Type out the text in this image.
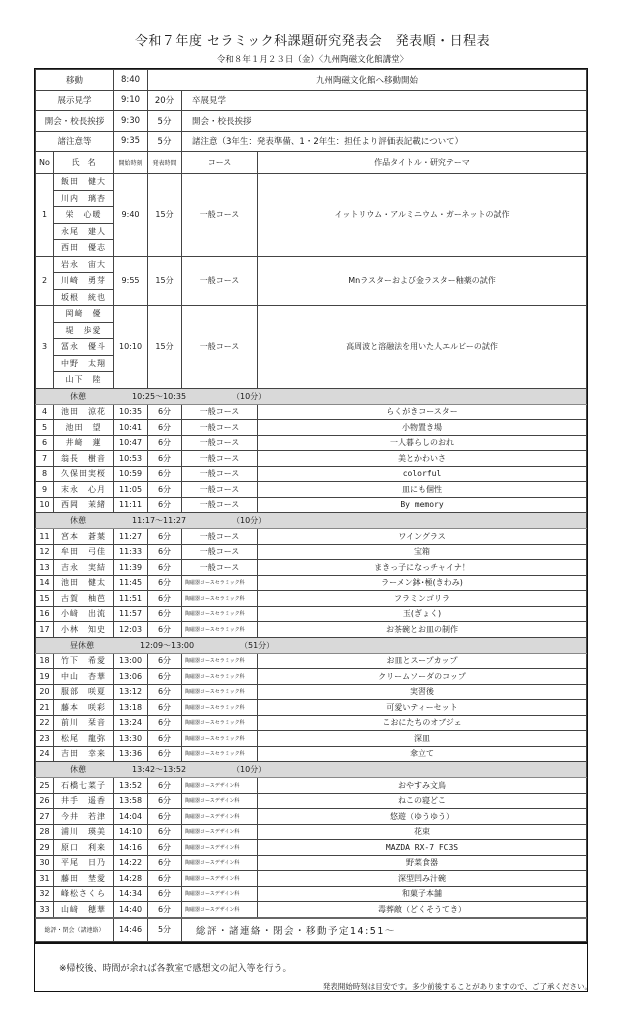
令和７年度 セラミック科課題研究発表会　発表順・日程表
令和８年１月２３日（金）〈九州陶磁文化館講堂〉
移動		8:40	九州陶磁文化館へ移動開始		
展示見学		9:10	20分	卒展見学	
開会・校長挨拶		9:30	5分	開会・校長挨拶	
諸注意等		9:35	5分	諸注意（3年生：発表準備、1・2年生：担任より評価表記載について）	
No	氏　名	開始時刻	発表時間	コース	作品タイトル・研究テーマ
1	飯田　健大	9:40	15分	一般コース	イットリウム・アルミニウム・ガーネットの試作
	川内　璃杏				
	栄　心暖				
	永尾　建人				
	西田　優志				
2	岩永　宙大	9:55	15分	一般コース	Mnラスターおよび金ラスター釉薬の試作
	川崎　勇芽				
	坂根　統也				
3	岡﨑　優	10:10	15分	一般コース	高周波と溶融法を用いた人エルビーの試作
	堤　歩愛				
	冨永　優斗				
	中野　太翔				
	山下　陸				
休憩 10:25〜10:35 （10分）					
4	池田　涼花	10:35	6分	一般コース	らくがきコースター
5	池田　望	10:41	6分	一般コース	小物置き場
6	井﨑　蓮	10:47	6分	一般コース	一人暮らしのおれ
7	翁長　樹音	10:53	6分	一般コース	美とかわいさ
8	久保田実桜	10:59	6分	一般コース	colorful
9	末永　心月	11:05	6分	一般コース	皿にも個性
10	西岡　茉緒	11:11	6分	一般コース	By memory
休憩 11:17〜11:27 （10分）					
11	宮本　蒼葉	11:27	6分	一般コース	ワイングラス
12	牟田　弓佳	11:33	6分	一般コース	宝箱
13	吉永　実結	11:39	6分	一般コース	まきっ子になっチャイナ！
14	池田　健太	11:45	6分	陶磁器コースセラミック科	ラーメン鉢･極(きわみ)
15	古賀　柚芭	11:51	6分	陶磁器コースセラミック科	フラミンゴリラ
16	小﨑　出流	11:57	6分	陶磁器コースセラミック科	玉(ぎょく)
17	小林　知史	12:03	6分	陶磁器コースセラミック科	お茶碗とお皿の制作
昼休憩 12:09〜13:00 （51分）					
18	竹下　希愛	13:00	6分	陶磁器コースセラミック科	お皿とスープカップ
19	中山　杏華	13:06	6分	陶磁器コースセラミック科	クリームソーダのコップ
20	服部　咲夏	13:12	6分	陶磁器コースセラミック科	実習後
21	藤本　咲彩	13:18	6分	陶磁器コースセラミック科	可愛いティーセット
22	前川　栞音	13:24	6分	陶磁器コースセラミック科	こおにたちのオブジェ
23	松尾　龍弥	13:30	6分	陶磁器コースセラミック科	深皿
24	吉田　幸来	13:36	6分	陶磁器コースセラミック科	傘立て
休憩 13:42〜13:52 （10分）					
25	石橋七菜子	13:52	6分	陶磁器コースデザイン科	おやすみ文鳥
26	井手　遥香	13:58	6分	陶磁器コースデザイン科	ねこの寝どこ
27	今井　若津	14:04	6分	陶磁器コースデザイン科	悠遊（ゆうゆう）
28	浦川　瑛美	14:10	6分	陶磁器コースデザイン科	花束
29	原口　利来	14:16	6分	陶磁器コースデザイン科	MAZDA RX-7 FC3S
30	平尾　日乃	14:22	6分	陶磁器コースデザイン科	野菜食器
31	藤田　埜愛	14:28	6分	陶磁器コースデザイン科	深型凹み汁碗
32	峰松さくら	14:34	6分	陶磁器コースデザイン科	和菓子本舗
33	山﨑　穂華	14:40	6分	陶磁器コースデザイン科	毒葬敵（どくそうてき）
総評・閉会（諸連絡）		14:46	5分	総評・諸連絡・閉会・移動予定14:51〜	
※帰校後、時間が余れば各教室で感想文の記入等を行う。
発表開始時刻は目安です。多少前後することがありますので、ご了承ください。
